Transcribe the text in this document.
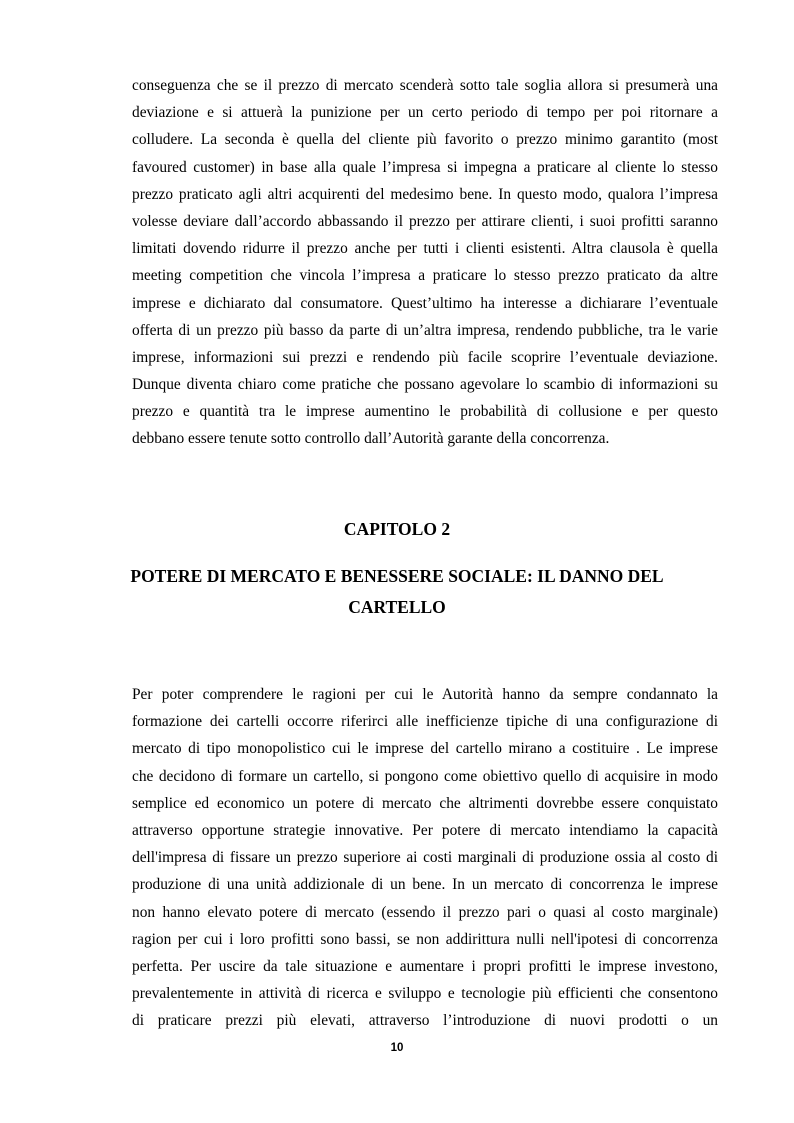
conseguenza che se il prezzo di mercato scenderà sotto tale soglia allora si presumerà una
deviazione e si attuerà la punizione per un certo periodo di tempo per poi ritornare a
colludere. La seconda è quella del cliente più favorito o prezzo minimo garantito (most
favoured customer) in base alla quale l’impresa si impegna a praticare al cliente lo stesso
prezzo praticato agli altri acquirenti del medesimo bene. In questo modo, qualora l’impresa
volesse deviare dall’accordo abbassando il prezzo per attirare clienti, i suoi profitti saranno
limitati dovendo ridurre il prezzo anche per tutti i clienti esistenti. Altra clausola è quella
meeting competition che vincola l’impresa a praticare lo stesso prezzo praticato da altre
imprese e dichiarato dal consumatore. Quest’ultimo ha interesse a dichiarare l’eventuale
offerta di un prezzo più basso da parte di un’altra impresa, rendendo pubbliche, tra le varie
imprese, informazioni sui prezzi e rendendo più facile scoprire l’eventuale deviazione.
Dunque diventa chiaro come pratiche che possano agevolare lo scambio di informazioni su
prezzo e quantità tra le imprese aumentino le probabilità di collusione e per questo
debbano essere tenute sotto controllo dall’Autorità garante della concorrenza.
CAPITOLO 2
POTERE DI MERCATO E BENESSERE SOCIALE: IL DANNO DEL
CARTELLO
Per poter comprendere le ragioni per cui le Autorità hanno da sempre condannato la
formazione dei cartelli occorre riferirci alle inefficienze tipiche di una configurazione di
mercato di tipo monopolistico cui le imprese del cartello mirano a costituire . Le imprese
che decidono di formare un cartello, si pongono come obiettivo quello di acquisire in modo
semplice ed economico un potere di mercato che altrimenti dovrebbe essere conquistato
attraverso opportune strategie innovative. Per potere di mercato intendiamo la capacità
dell'impresa di fissare un prezzo superiore ai costi marginali di produzione ossia al costo di
produzione di una unità addizionale di un bene. In un mercato di concorrenza le imprese
non hanno elevato potere di mercato (essendo il prezzo pari o quasi al costo marginale)
ragion per cui i loro profitti sono bassi, se non addirittura nulli nell'ipotesi di concorrenza
perfetta. Per uscire da tale situazione e aumentare i propri profitti le imprese investono,
prevalentemente in attività di ricerca e sviluppo e tecnologie più efficienti che consentono
di praticare prezzi più elevati, attraverso l’introduzione di nuovi prodotti o un
10
